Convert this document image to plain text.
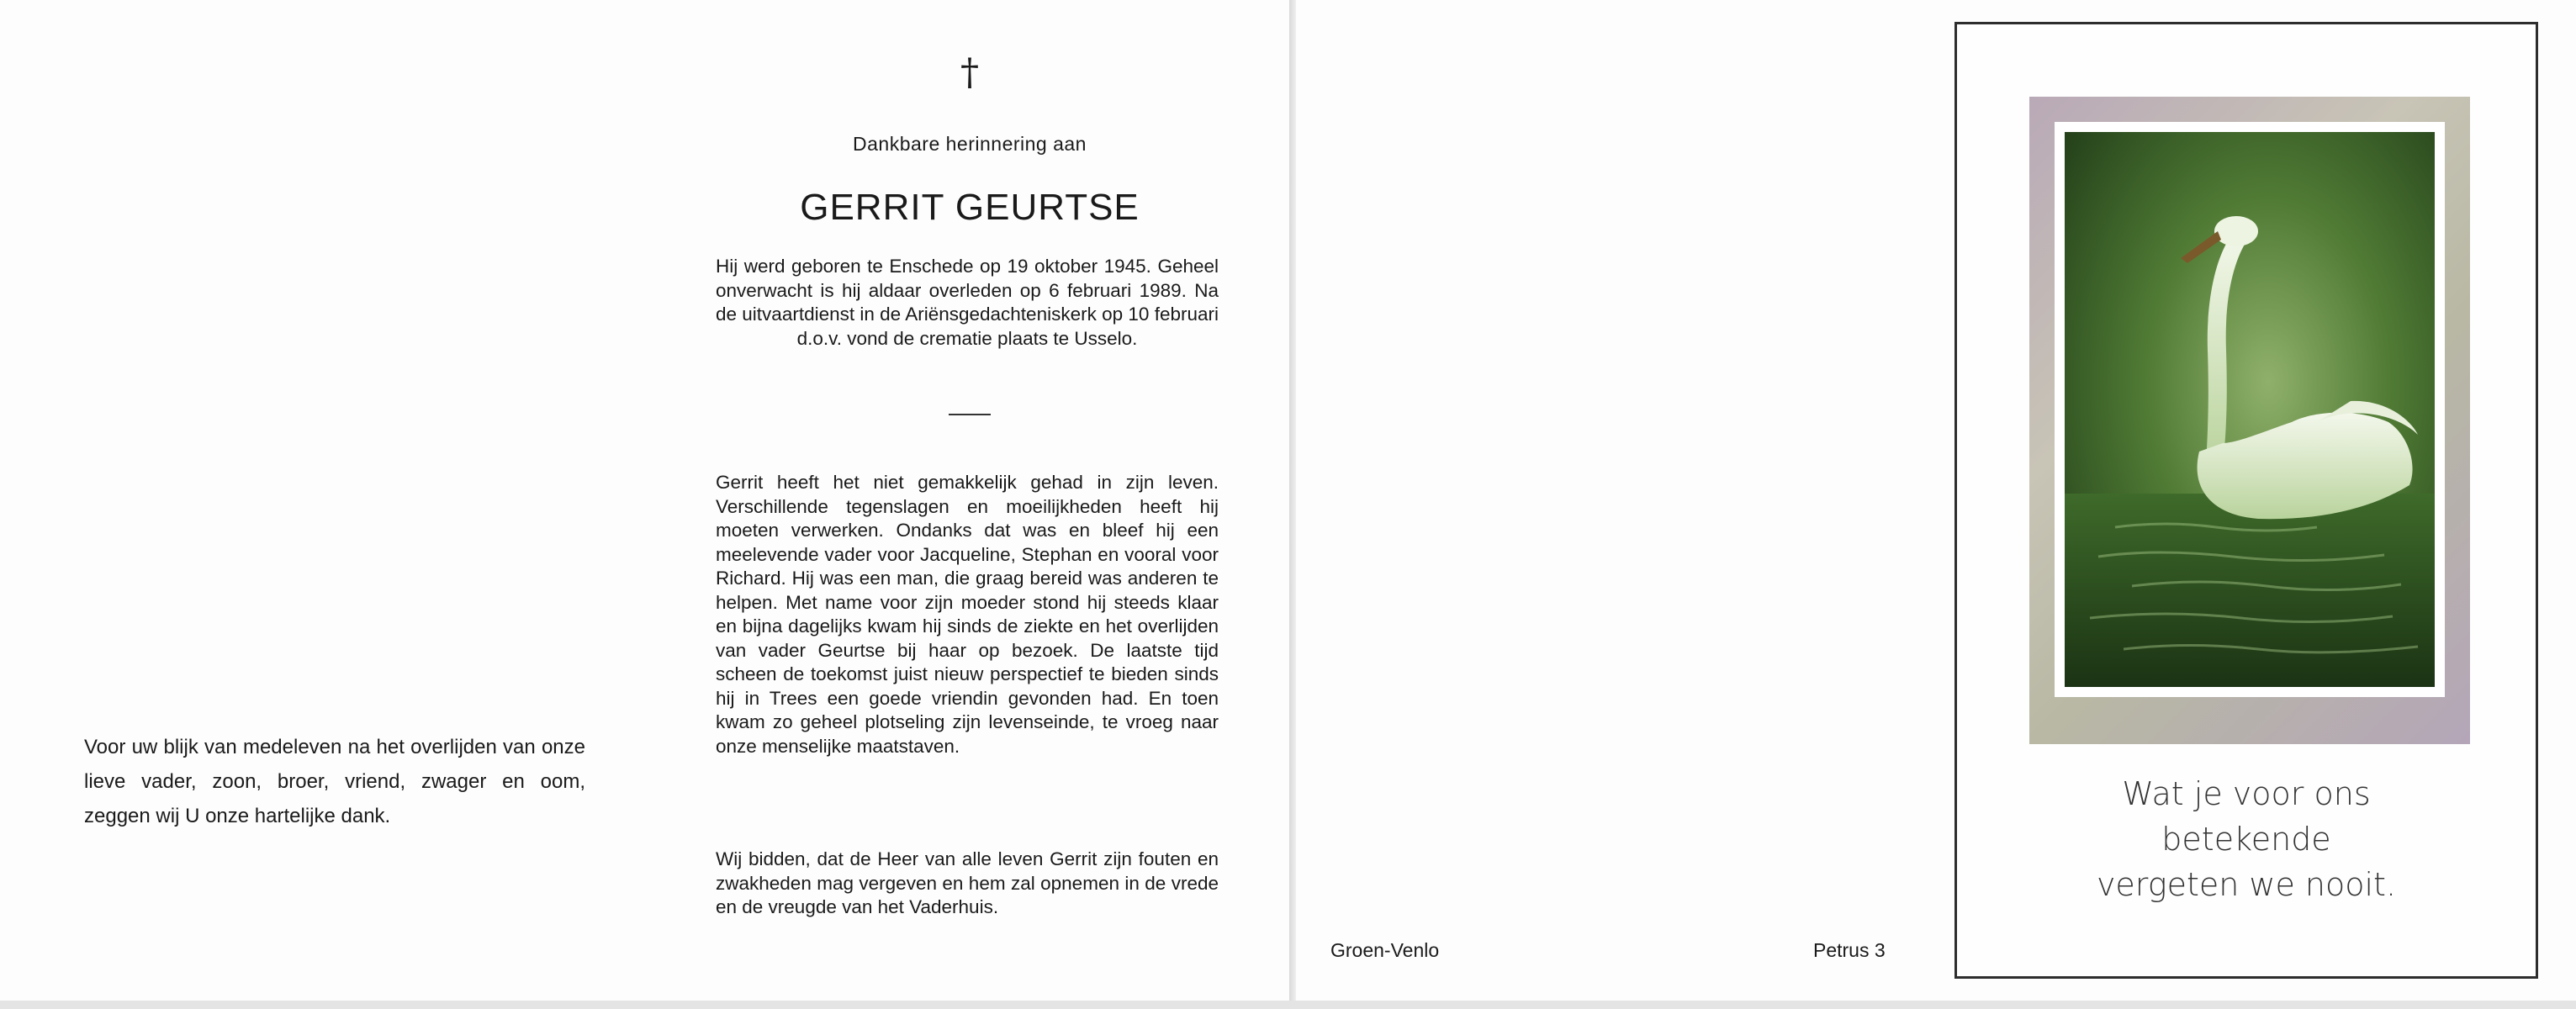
Voor uw blijk van medeleven na het overlijden van onze lieve vader, zoon, broer, vriend, zwager en oom, zeggen wij U onze hartelijke dank.
†
Dankbare herinnering aan
GERRIT GEURTSE
Hij werd geboren te Enschede op 19 oktober 1945. Geheel onverwacht is hij aldaar overleden op 6 februari 1989. Na de uitvaartdienst in de Ariënsgedachteniskerk op 10 februari d.o.v. vond de crematie plaats te Usselo.
Gerrit heeft het niet gemakkelijk gehad in zijn leven. Verschillende tegenslagen en moeilijkheden heeft hij moeten verwerken. Ondanks dat was en bleef hij een meelevende vader voor Jacqueline, Stephan en vooral voor Richard. Hij was een man, die graag bereid was anderen te helpen. Met name voor zijn moeder stond hij steeds klaar en bijna dagelijks kwam hij sinds de ziekte en het overlijden van vader Geurtse bij haar op bezoek. De laatste tijd scheen de toekomst juist nieuw perspectief te bieden sinds hij in Trees een goede vriendin gevonden had. En toen kwam zo geheel plotseling zijn levenseinde, te vroeg naar onze menselijke maatstaven.
Wij bidden, dat de Heer van alle leven Gerrit zijn fouten en zwakheden mag vergeven en hem zal opnemen in de vrede en de vreugde van het Vaderhuis.
Groen-Venlo	Petrus 3
Wat je voor ons
betekende
vergeten we nooit.
